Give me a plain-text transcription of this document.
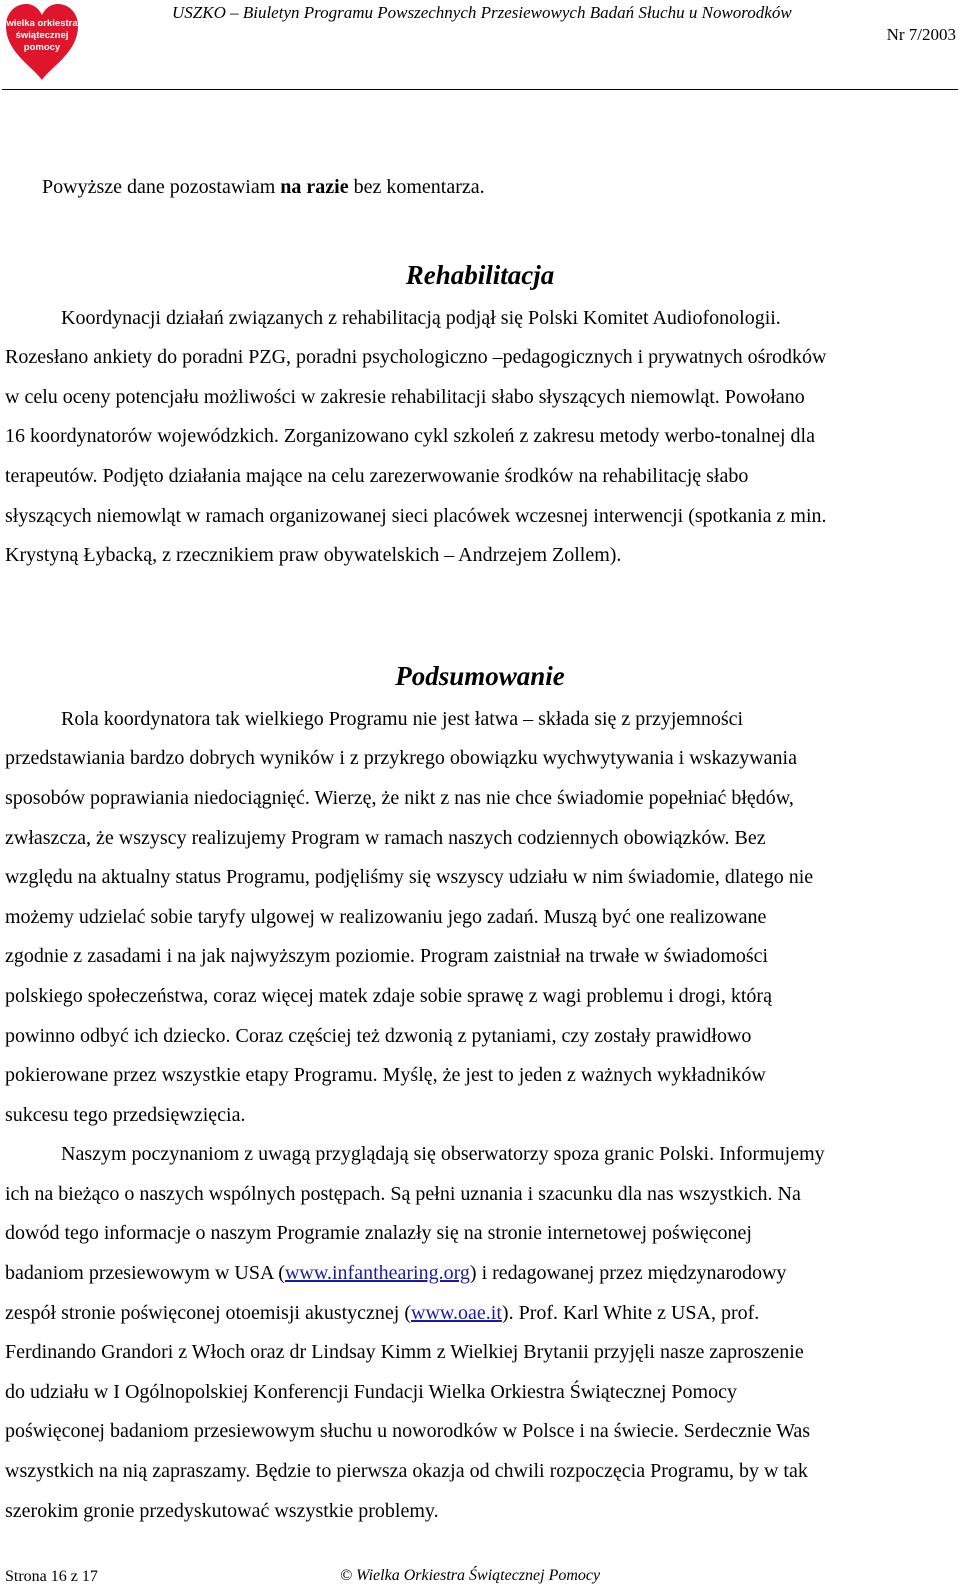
wielka orkiestra
świątecznej
pomocy
USZKO – Biuletyn Programu Powszechnych Przesiewowych Badań Słuchu u Noworodków
Nr 7/2003
Powyższe dane pozostawiam na razie bez komentarza.
Rehabilitacja
Koordynacji działań związanych z rehabilitacją podjął się Polski Komitet Audiofonologii.
Rozesłano ankiety do poradni PZG, poradni psychologiczno –pedagogicznych i prywatnych ośrodków
w celu oceny potencjału możliwości w zakresie rehabilitacji słabo słyszących niemowląt. Powołano
16 koordynatorów wojewódzkich. Zorganizowano cykl szkoleń z zakresu metody werbo-tonalnej dla
terapeutów. Podjęto działania mające na celu zarezerwowanie środków na rehabilitację słabo
słyszących niemowląt w ramach organizowanej sieci placówek wczesnej interwencji (spotkania z min.
Krystyną Łybacką, z rzecznikiem praw obywatelskich – Andrzejem Zollem).
Podsumowanie
Rola koordynatora tak wielkiego Programu nie jest łatwa – składa się z przyjemności
przedstawiania bardzo dobrych wyników i z przykrego obowiązku wychwytywania i wskazywania
sposobów poprawiania niedociągnięć. Wierzę, że nikt z nas nie chce świadomie popełniać błędów,
zwłaszcza, że wszyscy realizujemy Program w ramach naszych codziennych obowiązków. Bez
względu na aktualny status Programu, podjęliśmy się wszyscy udziału w nim świadomie, dlatego nie
możemy udzielać sobie taryfy ulgowej w realizowaniu jego zadań. Muszą być one realizowane
zgodnie z zasadami i na jak najwyższym poziomie. Program zaistniał na trwałe w świadomości
polskiego społeczeństwa, coraz więcej matek zdaje sobie sprawę z wagi problemu i drogi, którą
powinno odbyć ich dziecko. Coraz częściej też dzwonią z pytaniami, czy zostały prawidłowo
pokierowane przez wszystkie etapy Programu. Myślę, że jest to jeden z ważnych wykładników
sukcesu tego przedsięwzięcia.
Naszym poczynaniom z uwagą przyglądają się obserwatorzy spoza granic Polski. Informujemy
ich na bieżąco o naszych wspólnych postępach. Są pełni uznania i szacunku dla nas wszystkich. Na
dowód tego informacje o naszym Programie znalazły się na stronie internetowej poświęconej
badaniom przesiewowym w USA (www.infanthearing.org) i redagowanej przez międzynarodowy
zespół stronie poświęconej otoemisji akustycznej (www.oae.it). Prof. Karl White z USA, prof.
Ferdinando Grandori z Włoch oraz dr Lindsay Kimm z Wielkiej Brytanii przyjęli nasze zaproszenie
do udziału w I Ogólnopolskiej Konferencji Fundacji Wielka Orkiestra Świątecznej Pomocy
poświęconej badaniom przesiewowym słuchu u noworodków w Polsce i na świecie. Serdecznie Was
wszystkich na nią zapraszamy. Będzie to pierwsza okazja od chwili rozpoczęcia Programu, by w tak
szerokim gronie przedyskutować wszystkie problemy.
Strona 16 z 17	© Wielka Orkiestra Świątecznej Pomocy
